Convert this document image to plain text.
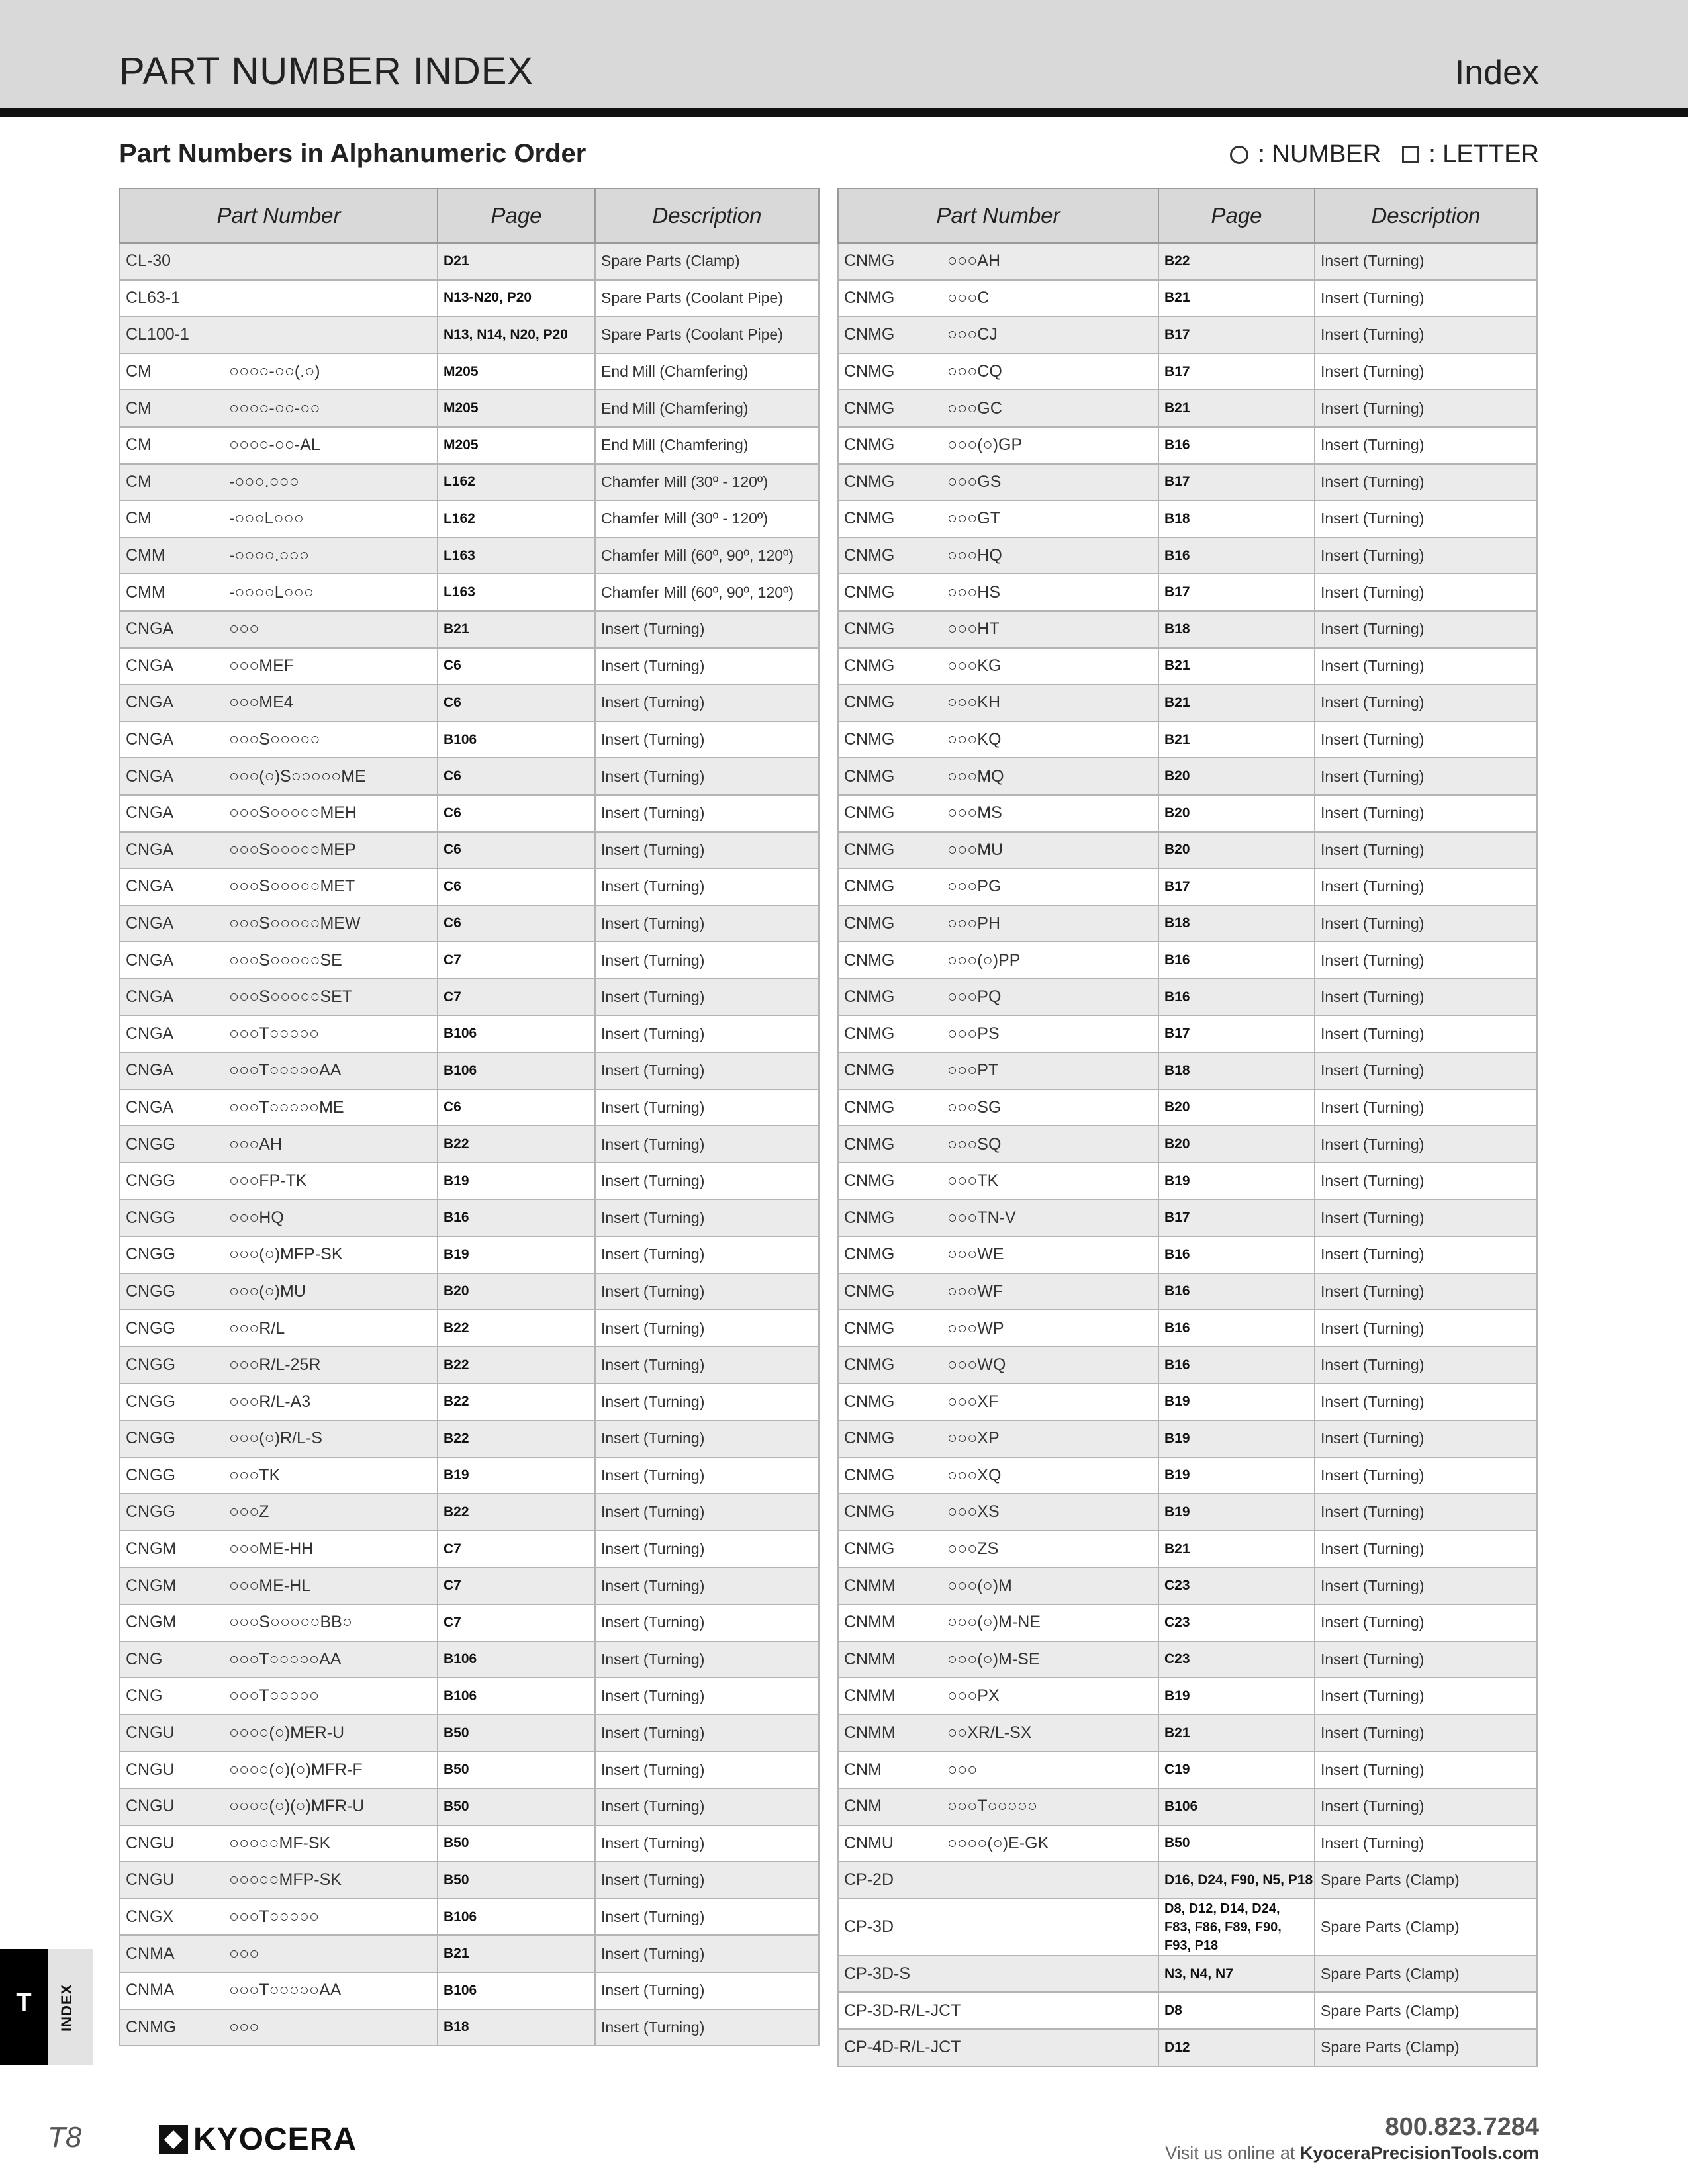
PART NUMBER INDEX	Index
Part Numbers in Alphanumeric Order	: NUMBER : LETTER
Part Number	Page	Description
CL-30	D21	Spare Parts (Clamp)
CL63-1	N13-N20, P20	Spare Parts (Coolant Pipe)
CL100-1	N13, N14, N20, P20	Spare Parts (Coolant Pipe)
CM ○○○○-○○(.○)	M205	End Mill (Chamfering)
CM ○○○○-○○-○○	M205	End Mill (Chamfering)
CM ○○○○-○○-AL	M205	End Mill (Chamfering)
CM -○○○.○○○	L162	Chamfer Mill (30º - 120º)
CM -○○○L○○○	L162	Chamfer Mill (30º - 120º)
CMM -○○○○.○○○	L163	Chamfer Mill (60º, 90º, 120º)
CMM -○○○○L○○○	L163	Chamfer Mill (60º, 90º, 120º)
CNGA ○○○	B21	Insert (Turning)
CNGA ○○○MEF	C6	Insert (Turning)
CNGA ○○○ME4	C6	Insert (Turning)
CNGA ○○○S○○○○○	B106	Insert (Turning)
CNGA ○○○(○)S○○○○○ME	C6	Insert (Turning)
CNGA ○○○S○○○○○MEH	C6	Insert (Turning)
CNGA ○○○S○○○○○MEP	C6	Insert (Turning)
CNGA ○○○S○○○○○MET	C6	Insert (Turning)
CNGA ○○○S○○○○○MEW	C6	Insert (Turning)
CNGA ○○○S○○○○○SE	C7	Insert (Turning)
CNGA ○○○S○○○○○SET	C7	Insert (Turning)
CNGA ○○○T○○○○○	B106	Insert (Turning)
CNGA ○○○T○○○○○AA	B106	Insert (Turning)
CNGA ○○○T○○○○○ME	C6	Insert (Turning)
CNGG ○○○AH	B22	Insert (Turning)
CNGG ○○○FP-TK	B19	Insert (Turning)
CNGG ○○○HQ	B16	Insert (Turning)
CNGG ○○○(○)MFP-SK	B19	Insert (Turning)
CNGG ○○○(○)MU	B20	Insert (Turning)
CNGG ○○○R/L	B22	Insert (Turning)
CNGG ○○○R/L-25R	B22	Insert (Turning)
CNGG ○○○R/L-A3	B22	Insert (Turning)
CNGG ○○○(○)R/L-S	B22	Insert (Turning)
CNGG ○○○TK	B19	Insert (Turning)
CNGG ○○○Z	B22	Insert (Turning)
CNGM ○○○ME-HH	C7	Insert (Turning)
CNGM ○○○ME-HL	C7	Insert (Turning)
CNGM ○○○S○○○○○BB○	C7	Insert (Turning)
CNG ○○○T○○○○○AA	B106	Insert (Turning)
CNG ○○○T○○○○○	B106	Insert (Turning)
CNGU ○○○○(○)MER-U	B50	Insert (Turning)
CNGU ○○○○(○)(○)MFR-F	B50	Insert (Turning)
CNGU ○○○○(○)(○)MFR-U	B50	Insert (Turning)
CNGU ○○○○○MF-SK	B50	Insert (Turning)
CNGU ○○○○○MFP-SK	B50	Insert (Turning)
CNGX ○○○T○○○○○	B106	Insert (Turning)
CNMA ○○○	B21	Insert (Turning)
CNMA ○○○T○○○○○AA	B106	Insert (Turning)
CNMG ○○○	B18	Insert (Turning)
Part Number	Page	Description
CNMG ○○○AH	B22	Insert (Turning)
CNMG ○○○C	B21	Insert (Turning)
CNMG ○○○CJ	B17	Insert (Turning)
CNMG ○○○CQ	B17	Insert (Turning)
CNMG ○○○GC	B21	Insert (Turning)
CNMG ○○○(○)GP	B16	Insert (Turning)
CNMG ○○○GS	B17	Insert (Turning)
CNMG ○○○GT	B18	Insert (Turning)
CNMG ○○○HQ	B16	Insert (Turning)
CNMG ○○○HS	B17	Insert (Turning)
CNMG ○○○HT	B18	Insert (Turning)
CNMG ○○○KG	B21	Insert (Turning)
CNMG ○○○KH	B21	Insert (Turning)
CNMG ○○○KQ	B21	Insert (Turning)
CNMG ○○○MQ	B20	Insert (Turning)
CNMG ○○○MS	B20	Insert (Turning)
CNMG ○○○MU	B20	Insert (Turning)
CNMG ○○○PG	B17	Insert (Turning)
CNMG ○○○PH	B18	Insert (Turning)
CNMG ○○○(○)PP	B16	Insert (Turning)
CNMG ○○○PQ	B16	Insert (Turning)
CNMG ○○○PS	B17	Insert (Turning)
CNMG ○○○PT	B18	Insert (Turning)
CNMG ○○○SG	B20	Insert (Turning)
CNMG ○○○SQ	B20	Insert (Turning)
CNMG ○○○TK	B19	Insert (Turning)
CNMG ○○○TN-V	B17	Insert (Turning)
CNMG ○○○WE	B16	Insert (Turning)
CNMG ○○○WF	B16	Insert (Turning)
CNMG ○○○WP	B16	Insert (Turning)
CNMG ○○○WQ	B16	Insert (Turning)
CNMG ○○○XF	B19	Insert (Turning)
CNMG ○○○XP	B19	Insert (Turning)
CNMG ○○○XQ	B19	Insert (Turning)
CNMG ○○○XS	B19	Insert (Turning)
CNMG ○○○ZS	B21	Insert (Turning)
CNMM ○○○(○)M	C23	Insert (Turning)
CNMM ○○○(○)M-NE	C23	Insert (Turning)
CNMM ○○○(○)M-SE	C23	Insert (Turning)
CNMM ○○○PX	B19	Insert (Turning)
CNMM ○○XR/L-SX	B21	Insert (Turning)
CNM ○○○	C19	Insert (Turning)
CNM ○○○T○○○○○	B106	Insert (Turning)
CNMU ○○○○(○)E-GK	B50	Insert (Turning)
CP-2D	D16, D24, F90, N5, P18	Spare Parts (Clamp)
CP-3D	D8, D12, D14, D24, F83, F86, F89, F90, F93, P18	Spare Parts (Clamp)
CP-3D-S	N3, N4, N7	Spare Parts (Clamp)
CP-3D-R/L-JCT	D8	Spare Parts (Clamp)
CP-4D-R/L-JCT	D12	Spare Parts (Clamp)
T	INDEX
T8	KYOCERA	800.823.7284
Visit us online at KyoceraPrecisionTools.com
